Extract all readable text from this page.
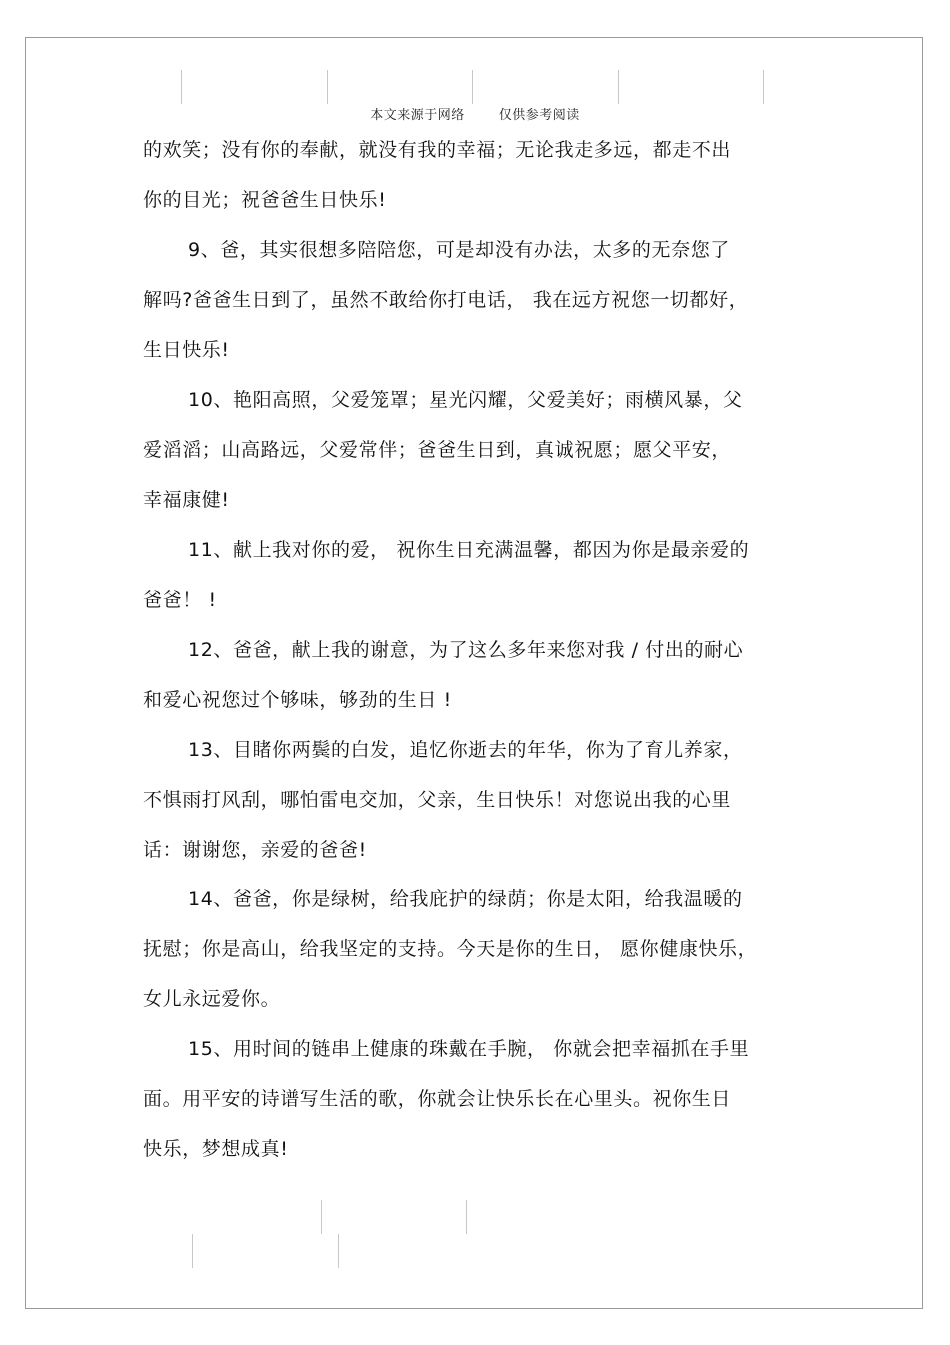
本文来源于网络	仅供参考阅读
的欢笑；没有你的奉献，就没有我的幸福；无论我走多远，都走不出
你的目光；祝爸爸生日快乐!
9、爸，其实很想多陪陪您，可是却没有办法，太多的无奈您了
解吗?爸爸生日到了，虽然不敢给你打电话， 我在远方祝您一切都好，
生日快乐!
10、艳阳高照，父爱笼罩；星光闪耀，父爱美好；雨横风暴，父
爱滔滔；山高路远，父爱常伴；爸爸生日到，真诚祝愿；愿父平安，
幸福康健!
11、献上我对你的爱， 祝你生日充满温馨，都因为你是最亲爱的
爸爸！ !
12、爸爸，献上我的谢意，为了这么多年来您对我 / 付出的耐心
和爱心祝您过个够味，够劲的生日 !
13、目睹你两鬓的白发，追忆你逝去的年华，你为了育儿养家，
不惧雨打风刮，哪怕雷电交加，父亲，生日快乐！对您说出我的心里
话：谢谢您，亲爱的爸爸!
14、爸爸，你是绿树，给我庇护的绿荫；你是太阳，给我温暖的
抚慰；你是高山，给我坚定的支持。今天是你的生日， 愿你健康快乐，
女儿永远爱你。
15、用时间的链串上健康的珠戴在手腕， 你就会把幸福抓在手里
面。用平安的诗谱写生活的歌，你就会让快乐长在心里头。祝你生日
快乐，梦想成真!
